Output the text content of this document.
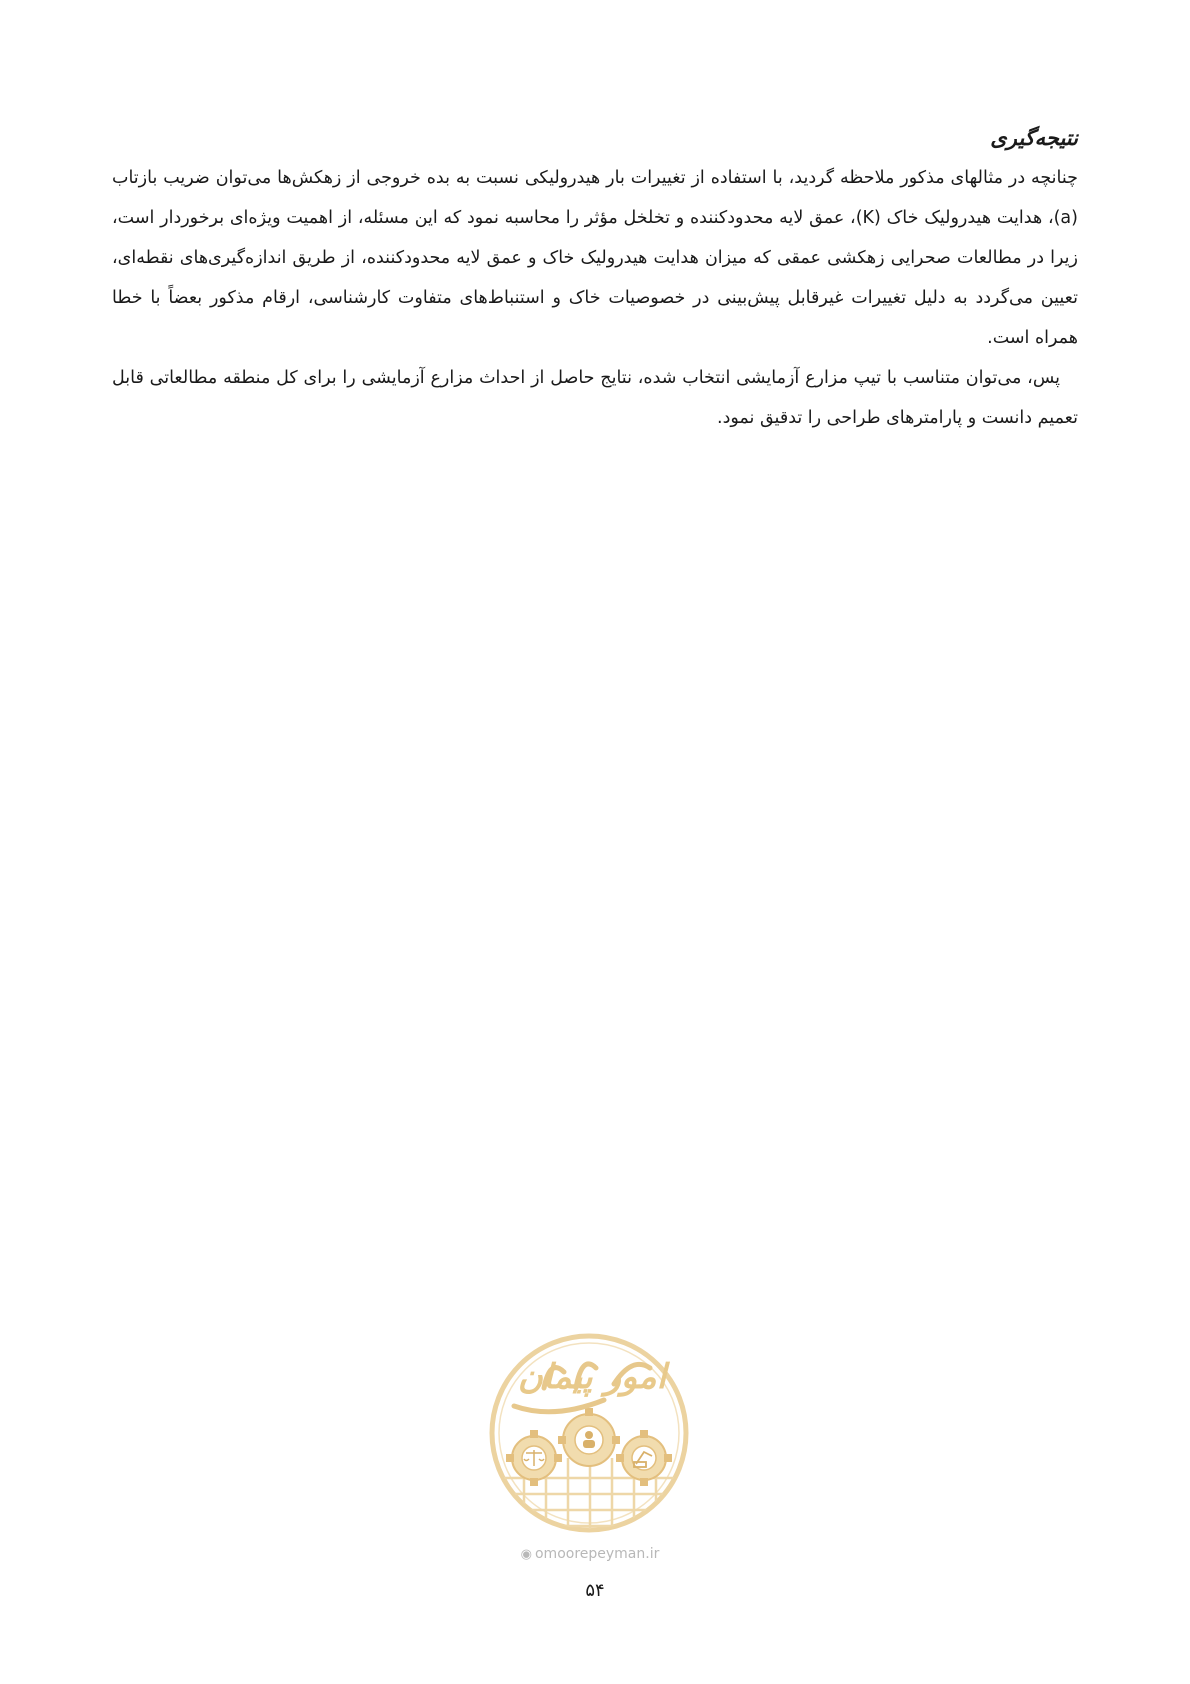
نتیجه‌گیری

چنانچه در مثالهای مذکور ملاحظه گردید، با استفاده از تغییرات بار هیدرولیکی نسبت به بده خروجی از زهکش‌ها می‌توان ضریب بازتاب (a)، هدایت هیدرولیک خاک (K)، عمق لایه محدودکننده و تخلخل مؤثر را محاسبه نمود که این مسئله، از اهمیت ویژه‌ای برخوردار است، زیرا در مطالعات صحرایی زهکشی عمقی که میزان هدایت هیدرولیک خاک و عمق لایه محدودکننده، از طریق اندازه‌گیری‌های نقطه‌ای، تعیین می‌گردد به دلیل تغییرات غیرقابل پیش‌بینی در خصوصیات خاک و استنباط‌های متفاوت کارشناسی، ارقام مذکور بعضاً با خطا همراه است.

پس، می‌توان متناسب با تیپ مزارع آزمایشی انتخاب شده، نتایج حاصل از احداث مزارع آزمایشی را برای کل منطقه مطالعاتی قابل تعمیم دانست و پارامترهای طراحی را تدقیق نمود.

امور پیمان
◉ omoorepeyman.ir
۵۴
